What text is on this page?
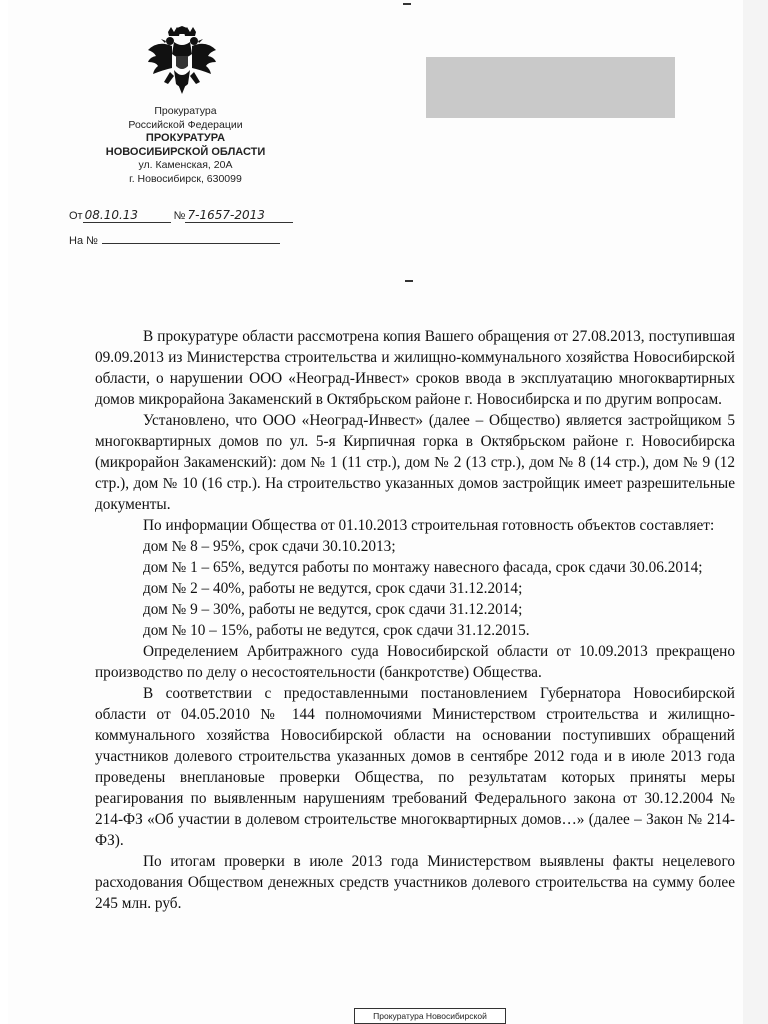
Прокуратура
Российской Федерации
ПРОКУРАТУРА
НОВОСИБИРСКОЙ ОБЛАСТИ
ул. Каменская, 20А
г. Новосибирск, 630099
От 08.10.13	№ 7-1657-2013
На №

В прокуратуре области рассмотрена копия Вашего обращения от 27.08.2013, поступившая 09.09.2013 из Министерства строительства и жилищно-коммунального хозяйства Новосибирской области, о нарушении ООО «Неоград-Инвест» сроков ввода в эксплуатацию многоквартирных домов микрорайона Закаменский в Октябрьском районе г. Новосибирска и по другим вопросам.

Установлено, что ООО «Неоград-Инвест» (далее – Общество) является застройщиком 5 многоквартирных домов по ул. 5-я Кирпичная горка в Октябрьском районе г. Новосибирска (микрорайон Закаменский): дом № 1 (11 стр.), дом № 2 (13 стр.), дом № 8 (14 стр.), дом № 9 (12 стр.), дом № 10 (16 стр.). На строительство указанных домов застройщик имеет разрешительные документы.

По информации Общества от 01.10.2013 строительная готовность объектов составляет:

дом № 8 – 95%, срок сдачи 30.10.2013;

дом № 1 – 65%, ведутся работы по монтажу навесного фасада, срок сдачи 30.06.2014;

дом № 2 – 40%, работы не ведутся, срок сдачи 31.12.2014;

дом № 9 – 30%, работы не ведутся, срок сдачи 31.12.2014;

дом № 10 – 15%, работы не ведутся, срок сдачи 31.12.2015.

Определением Арбитражного суда Новосибирской области от 10.09.2013 прекращено производство по делу о несостоятельности (банкротстве) Общества.

В соответствии с предоставленными постановлением Губернатора Новосибирской области от 04.05.2010 № 144 полномочиями Министерством строительства и жилищно-коммунального хозяйства Новосибирской области на основании поступивших обращений участников долевого строительства указанных домов в сентябре 2012 года и в июле 2013 года проведены внеплановые проверки Общества, по результатам которых приняты меры реагирования по выявленным нарушениям требований Федерального закона от 30.12.2004 № 214-ФЗ «Об участии в долевом строительстве многоквартирных домов…» (далее – Закон № 214-ФЗ).

По итогам проверки в июле 2013 года Министерством выявлены факты нецелевого расходования Обществом денежных средств участников долевого строительства на сумму более 245 млн. руб.

Прокуратура Новосибирской
